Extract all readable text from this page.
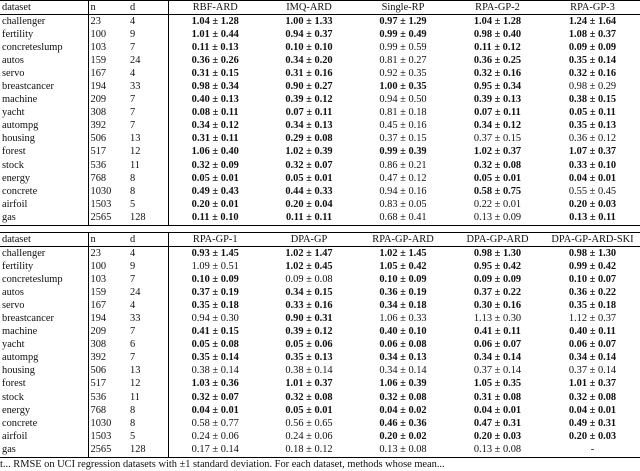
dataset	n	d	RBF-ARD	IMQ-ARD	Single-RP	RPA-GP-2	RPA-GP-3
challenger	23	4	1.04 ± 1.28	1.00 ± 1.33	0.97 ± 1.29	1.04 ± 1.28	1.24 ± 1.64
fertility	100	9	1.01 ± 0.44	0.94 ± 0.37	0.99 ± 0.49	0.98 ± 0.40	1.08 ± 0.37
concreteslump	103	7	0.11 ± 0.13	0.10 ± 0.10	0.99 ± 0.59	0.11 ± 0.12	0.09 ± 0.09
autos	159	24	0.36 ± 0.26	0.34 ± 0.20	0.81 ± 0.27	0.36 ± 0.25	0.35 ± 0.14
servo	167	4	0.31 ± 0.15	0.31 ± 0.16	0.92 ± 0.35	0.32 ± 0.16	0.32 ± 0.16
breastcancer	194	33	0.98 ± 0.34	0.90 ± 0.27	1.00 ± 0.35	0.95 ± 0.34	0.98 ± 0.29
machine	209	7	0.40 ± 0.13	0.39 ± 0.12	0.94 ± 0.50	0.39 ± 0.13	0.38 ± 0.15
yacht	308	7	0.08 ± 0.11	0.07 ± 0.11	0.81 ± 0.18	0.07 ± 0.11	0.05 ± 0.11
autompg	392	7	0.34 ± 0.12	0.34 ± 0.13	0.45 ± 0.16	0.34 ± 0.12	0.35 ± 0.13
housing	506	13	0.31 ± 0.11	0.29 ± 0.08	0.37 ± 0.15	0.37 ± 0.15	0.36 ± 0.12
forest	517	12	1.06 ± 0.40	1.02 ± 0.39	0.99 ± 0.39	1.02 ± 0.37	1.07 ± 0.37
stock	536	11	0.32 ± 0.09	0.32 ± 0.07	0.86 ± 0.21	0.32 ± 0.08	0.33 ± 0.10
energy	768	8	0.05 ± 0.01	0.05 ± 0.01	0.47 ± 0.12	0.05 ± 0.01	0.04 ± 0.01
concrete	1030	8	0.49 ± 0.43	0.44 ± 0.33	0.94 ± 0.16	0.58 ± 0.75	0.55 ± 0.45
airfoil	1503	5	0.20 ± 0.01	0.20 ± 0.04	0.83 ± 0.05	0.22 ± 0.01	0.20 ± 0.03
gas	2565	128	0.11 ± 0.10	0.11 ± 0.11	0.68 ± 0.41	0.13 ± 0.09	0.13 ± 0.11
dataset	n	d	RPA-GP-1	DPA-GP	RPA-GP-ARD	DPA-GP-ARD	DPA-GP-ARD-SKI
challenger	23	4	0.93 ± 1.45	1.02 ± 1.47	1.02 ± 1.45	0.98 ± 1.30	0.98 ± 1.30
fertility	100	9	1.09 ± 0.51	1.02 ± 0.45	1.05 ± 0.42	0.95 ± 0.42	0.99 ± 0.42
concreteslump	103	7	0.10 ± 0.09	0.09 ± 0.08	0.10 ± 0.09	0.09 ± 0.09	0.10 ± 0.07
autos	159	24	0.37 ± 0.19	0.34 ± 0.15	0.36 ± 0.19	0.37 ± 0.22	0.36 ± 0.22
servo	167	4	0.35 ± 0.18	0.33 ± 0.16	0.34 ± 0.18	0.30 ± 0.16	0.35 ± 0.18
breastcancer	194	33	0.94 ± 0.30	0.90 ± 0.31	1.06 ± 0.33	1.13 ± 0.30	1.12 ± 0.37
machine	209	7	0.41 ± 0.15	0.39 ± 0.12	0.40 ± 0.10	0.41 ± 0.11	0.40 ± 0.11
yacht	308	6	0.05 ± 0.08	0.05 ± 0.06	0.06 ± 0.08	0.06 ± 0.07	0.06 ± 0.07
autompg	392	7	0.35 ± 0.14	0.35 ± 0.13	0.34 ± 0.13	0.34 ± 0.14	0.34 ± 0.14
housing	506	13	0.38 ± 0.14	0.38 ± 0.14	0.34 ± 0.14	0.37 ± 0.14	0.37 ± 0.14
forest	517	12	1.03 ± 0.36	1.01 ± 0.37	1.06 ± 0.39	1.05 ± 0.35	1.01 ± 0.37
stock	536	11	0.32 ± 0.07	0.32 ± 0.08	0.32 ± 0.08	0.31 ± 0.08	0.32 ± 0.08
energy	768	8	0.04 ± 0.01	0.05 ± 0.01	0.04 ± 0.02	0.04 ± 0.01	0.04 ± 0.01
concrete	1030	8	0.58 ± 0.77	0.56 ± 0.65	0.46 ± 0.36	0.47 ± 0.31	0.49 ± 0.31
airfoil	1503	5	0.24 ± 0.06	0.24 ± 0.06	0.20 ± 0.02	0.20 ± 0.03	0.20 ± 0.03
gas	2565	128	0.17 ± 0.14	0.18 ± 0.12	0.13 ± 0.08	0.13 ± 0.08	-
t... RMSE on UCI regression datasets with ±1 standard deviation. For each dataset, methods whose mean...
